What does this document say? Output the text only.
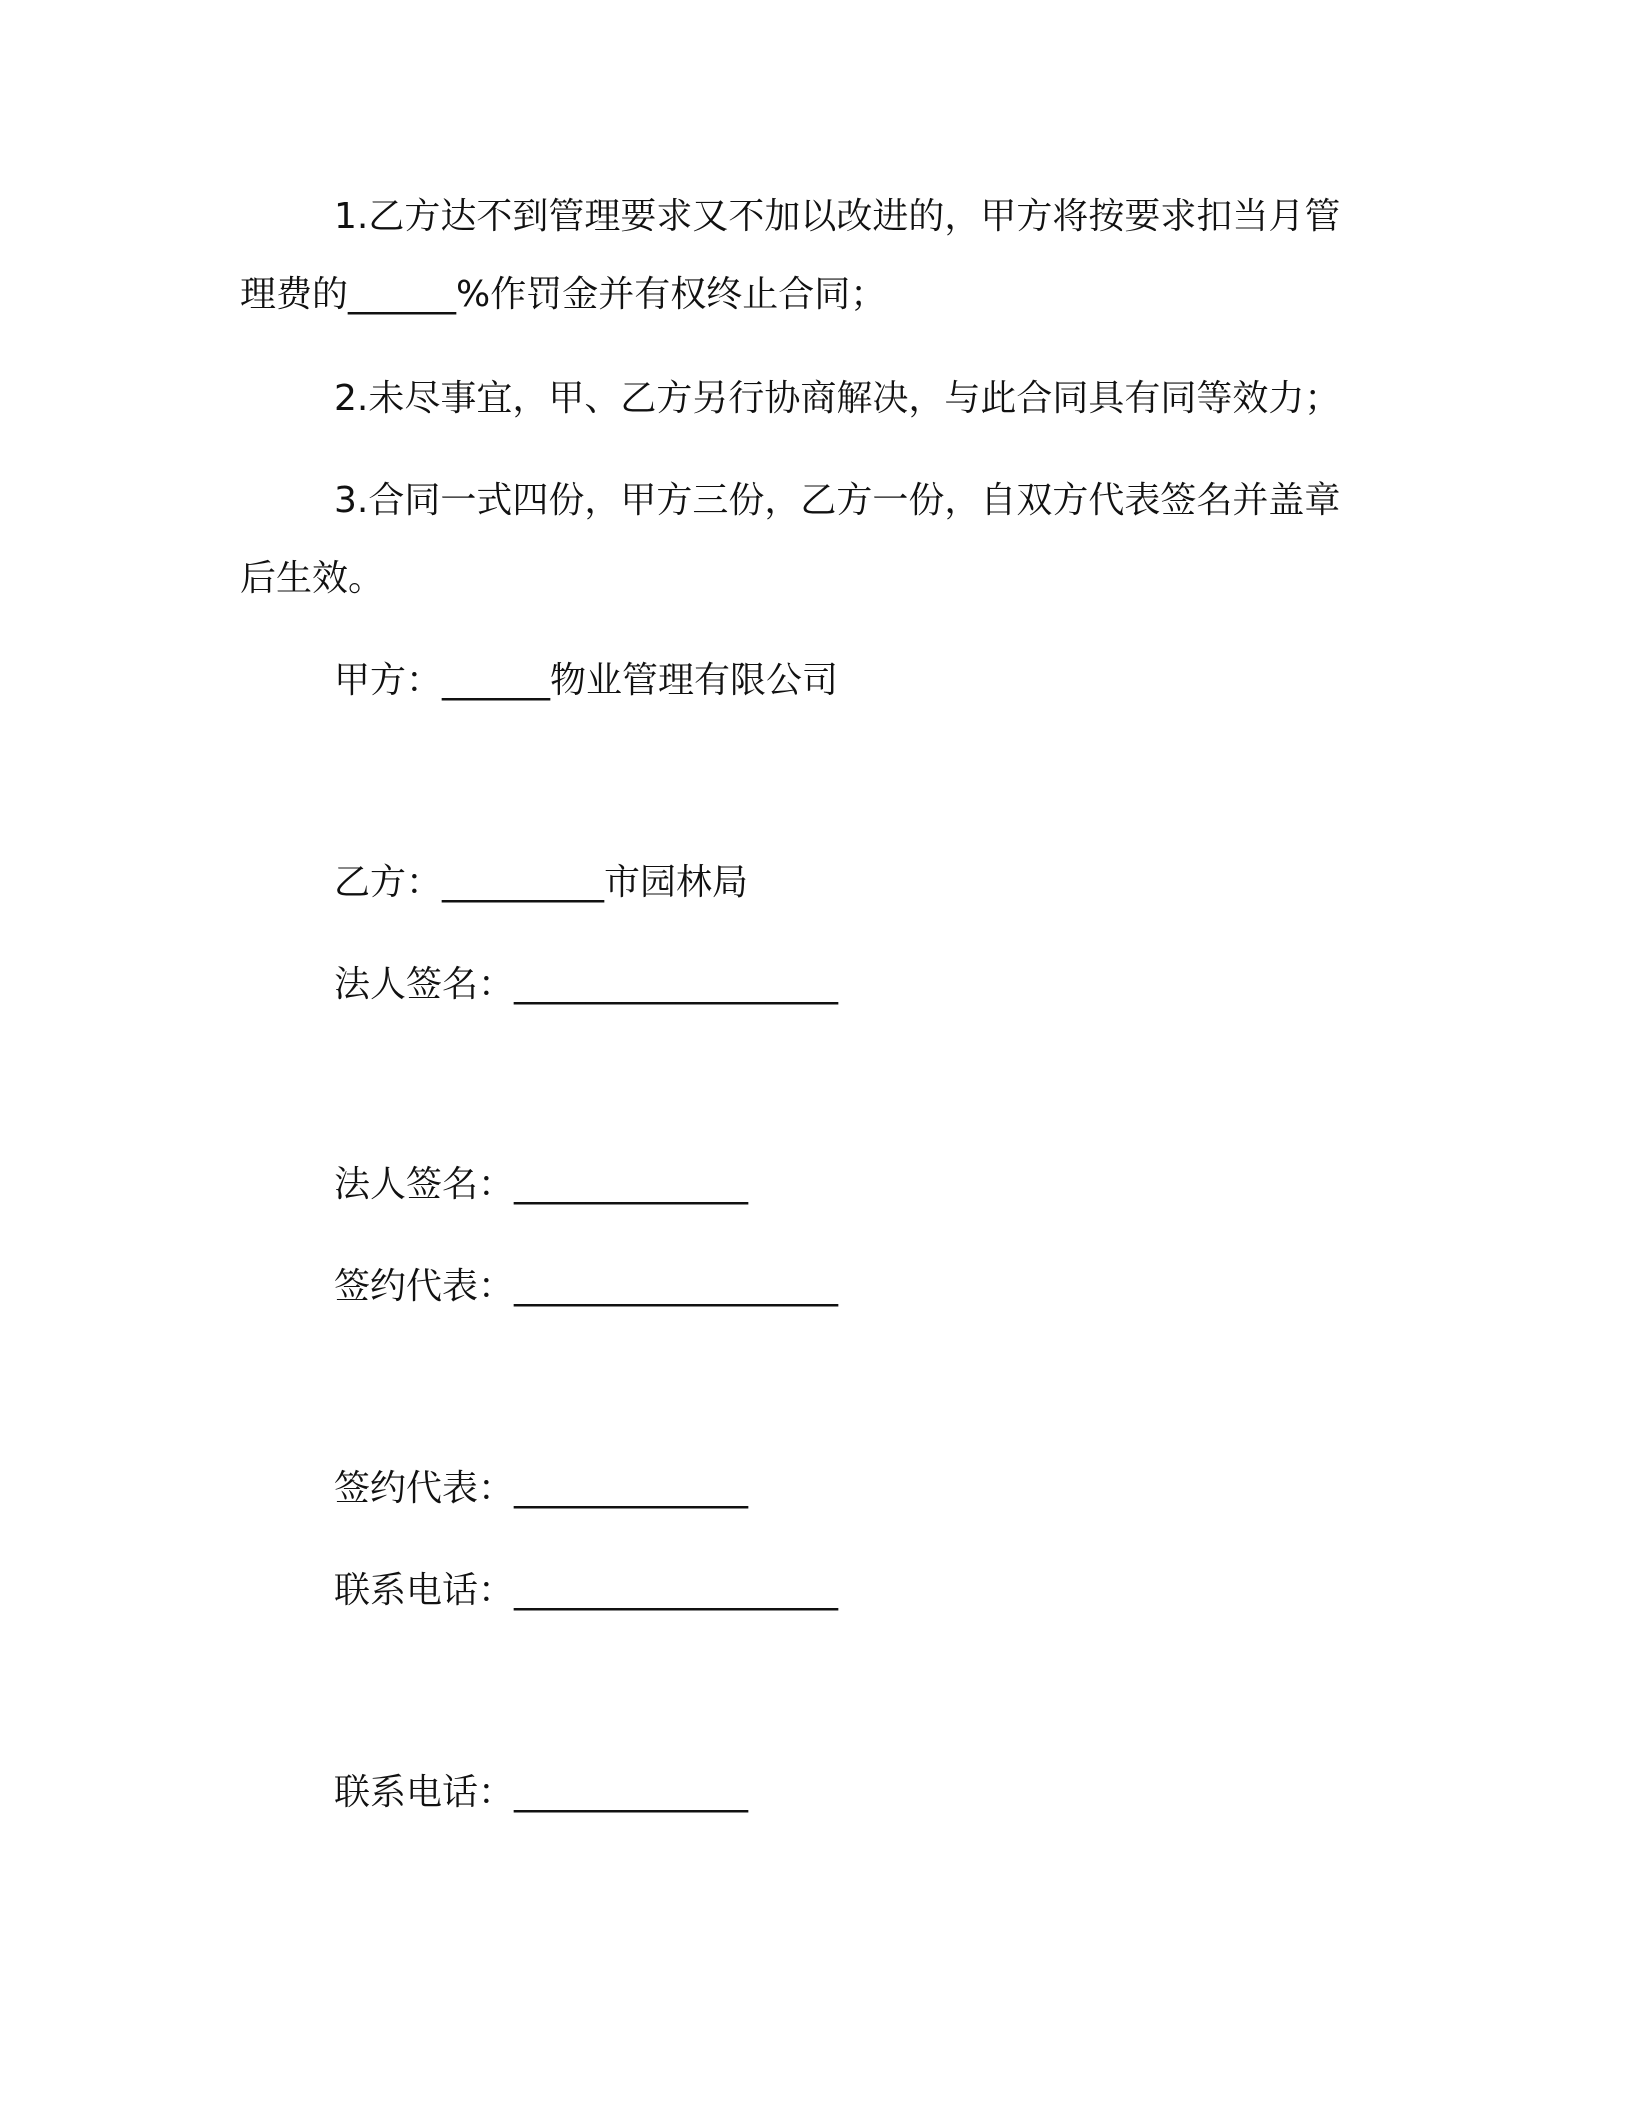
1.乙方达不到管理要求又不加以改进的，甲方将按要求扣当月管
理费的______%作罚金并有权终止合同；
2.未尽事宜，甲、乙方另行协商解决，与此合同具有同等效力；
3.合同一式四份，甲方三份，乙方一份，自双方代表签名并盖章
后生效。
甲方：______物业管理有限公司
乙方：_________市园林局
法人签名：__________________
法人签名：_____________
签约代表：__________________
签约代表：_____________
联系电话：__________________
联系电话：_____________
